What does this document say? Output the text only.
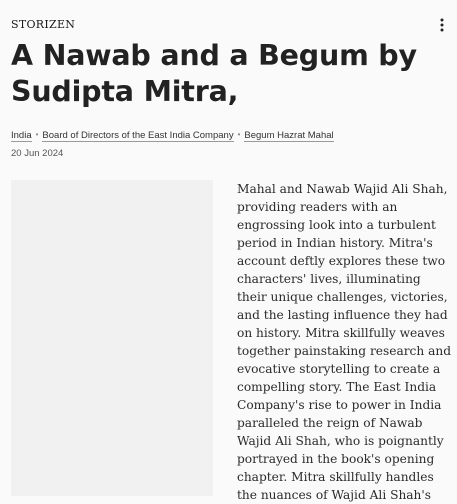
STORIZEN
A Nawab and a Begum by Sudipta Mitra,
India • Board of Directors of the East India Company • Begum Hazrat Mahal
20 Jun 2024

Mahal and Nawab Wajid Ali Shah, providing readers with an engrossing look into a turbulent period in Indian history. Mitra's account deftly explores these two characters' lives, illuminating their unique challenges, victories, and the lasting influence they had on history. Mitra skillfully weaves together painstaking research and evocative storytelling to create a compelling story. The East India Company's rise to power in India paralleled the reign of Nawab Wajid Ali Shah, who is poignantly portrayed in the book's opening chapter. Mitra skillfully handles the nuances of Wajid Ali Shah's
